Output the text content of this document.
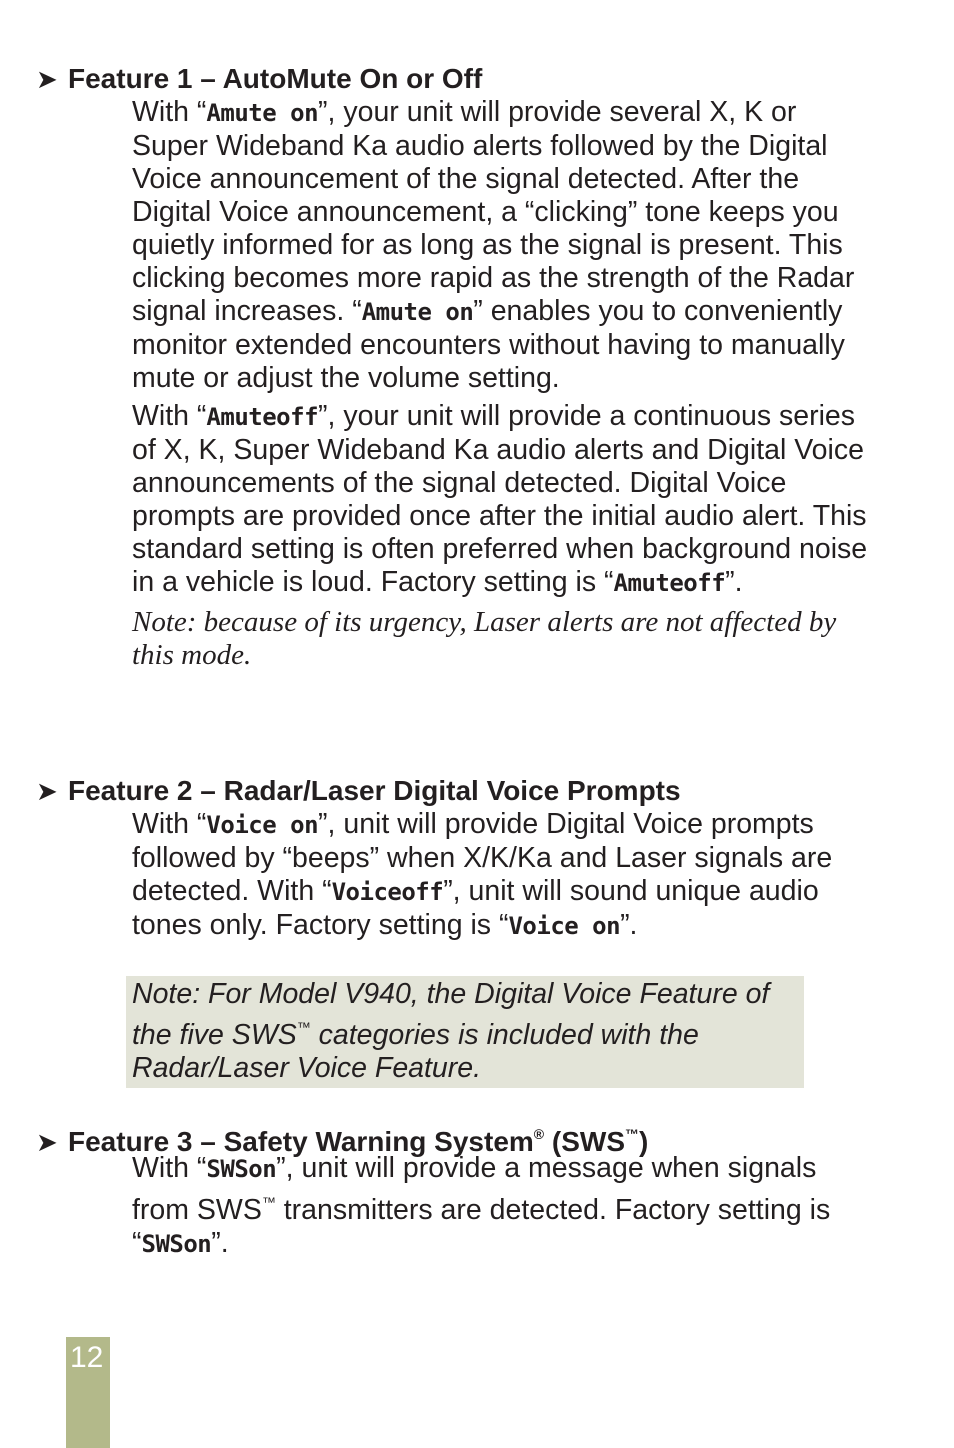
➤ Feature 1 – AutoMute On or Off

With “Amute on”, your unit will provide several X, K or Super Wideband Ka audio alerts followed by the Digital Voice announcement of the signal detected. After the Digital Voice announcement, a “clicking” tone keeps you quietly informed for as long as the signal is present. This clicking becomes more rapid as the strength of the Radar signal increases. “Amute on” enables you to conveniently monitor extended encounters without having to manually mute or adjust the volume setting.

With “Amuteoff”, your unit will provide a continuous series of X, K, Super Wideband Ka audio alerts and Digital Voice announcements of the signal detected. Digital Voice prompts are provided once after the initial audio alert. This standard setting is often preferred when background noise in a vehicle is loud. Factory setting is “Amuteoff”.

Note: because of its urgency, Laser alerts are not affected by this mode.

➤ Feature 2 – Radar/Laser Digital Voice Prompts

With “Voice on”, unit will provide Digital Voice prompts followed by “beeps” when X/K/Ka and Laser signals are detected. With “Voiceoff”, unit will sound unique audio tones only. Factory setting is “Voice on”.

Note: For Model V940, the Digital Voice Feature of the five SWS™ categories is included with the Radar/Laser Voice Feature.
➤ Feature 3 – Safety Warning System® (SWS™)

With “SWSon”, unit will provide a message when signals from SWS™ transmitters are detected. Factory setting is “SWSon”.

12
